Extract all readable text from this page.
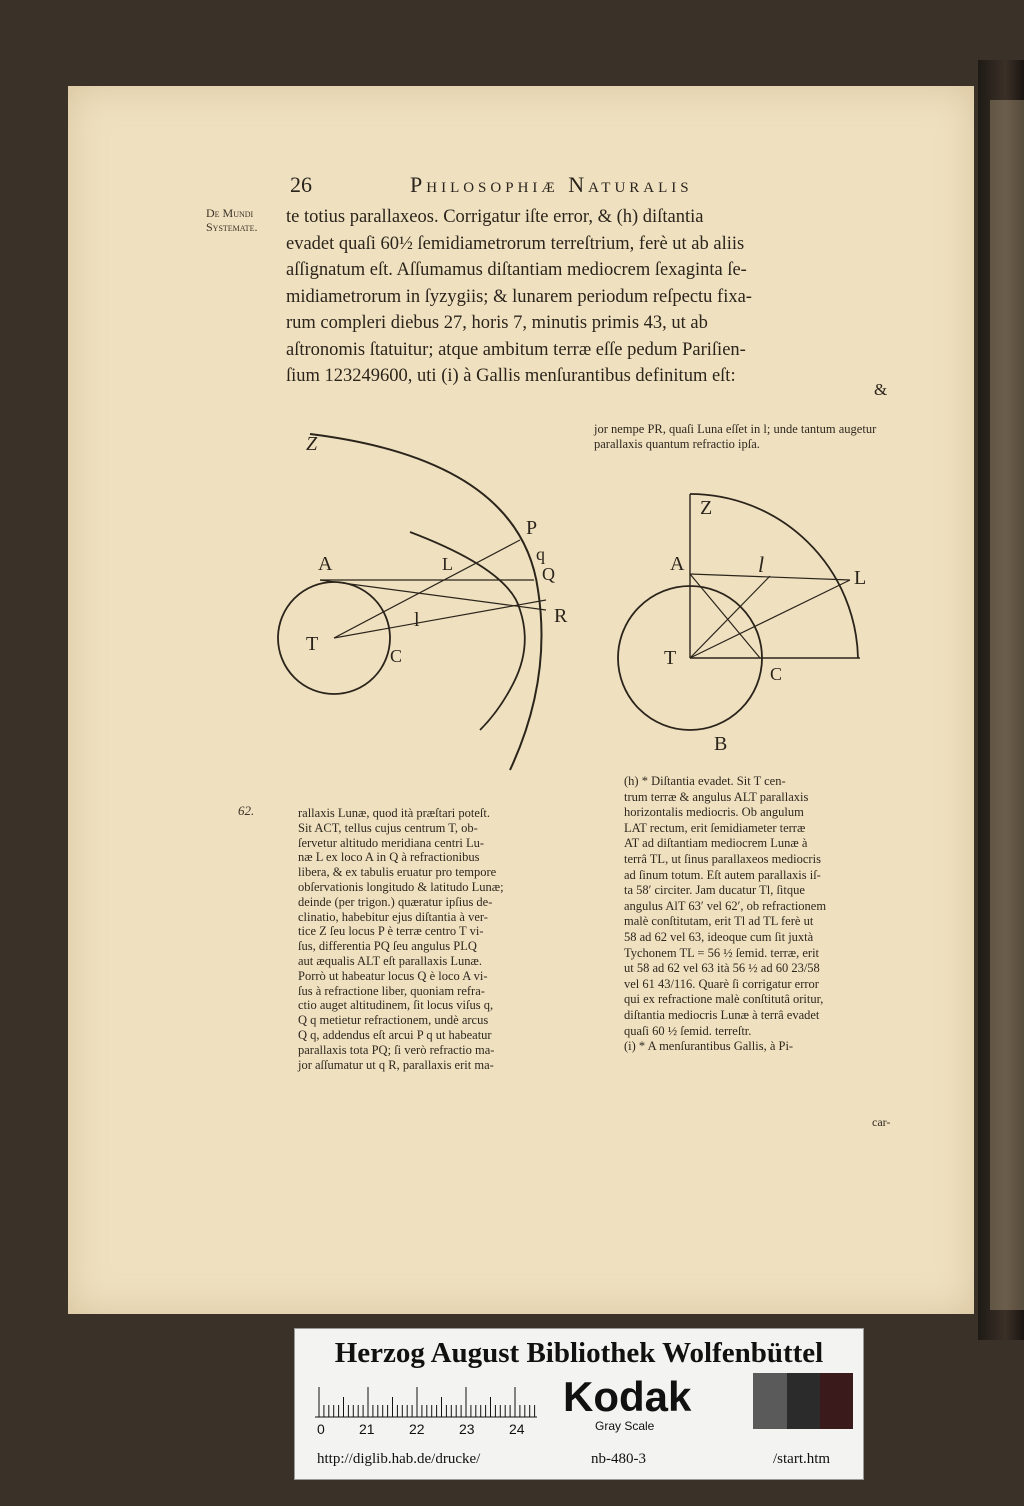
26	Philosophiæ Naturalis
De Mundi Systemate.	te totius parallaxeos. Corrigatur iſte error, & (h) diſtantia

evadet quaſi 60½ ſemidiametrorum terreſtrium, ferè ut ab aliis

aſſignatum eſt. Aſſumamus diſtantiam mediocrem ſexaginta ſe-

midiametrorum in ſyzygiis; & lunarem periodum reſpectu fixa-

rum compleri diebus 27, horis 7, minutis primis 43, ut ab

aſtronomis ſtatuitur; atque ambitum terræ eſſe pedum Pariſien-

ſium 123249600, uti (i) à Gallis menſurantibus definitum eſt:

&
jor nempe PR, quaſi Luna eſſet in l; unde tantum augetur parallaxis quantum refractio ipſa.
Z
P
q
Q
A	L
l	R
T
C
Z
A	l
L
T
C
B
62.	rallaxis Lunæ, quod ità præſtari poteſt.

Sit ACT, tellus cujus centrum T, ob-

ſervetur altitudo meridiana centri Lu-

næ L ex loco A in Q à refractionibus

libera, & ex tabulis eruatur pro tempore

obſervationis longitudo & latitudo Lunæ;

deinde (per trigon.) quæratur ipſius de-

clinatio, habebitur ejus diſtantia à ver-

tice Z ſeu locus P è terræ centro T vi-

ſus, differentia PQ ſeu angulus PLQ

aut æqualis ALT eſt parallaxis Lunæ.

Porrò ut habeatur locus Q è loco A vi-

ſus à refractione liber, quoniam refra-

ctio auget altitudinem, ſit locus viſus q,

Q q metietur refractionem, undè arcus

Q q, addendus eſt arcui P q ut habeatur

parallaxis tota PQ; ſi verò refractio ma-

jor aſſumatur ut q R, parallaxis erit ma-

(h) * Diſtantia evadet. Sit T cen-

trum terræ & angulus ALT parallaxis

horizontalis mediocris. Ob angulum

LAT rectum, erit ſemidiameter terræ

AT ad diſtantiam mediocrem Lunæ à

terrâ TL, ut ſinus parallaxeos mediocris

ad ſinum totum. Eſt autem parallaxis iſ-

ta 58′ circiter. Jam ducatur Tl, ſitque

angulus AlT 63′ vel 62′, ob refractionem

malè conſtitutam, erit Tl ad TL ferè ut

58 ad 62 vel 63, ideoque cum ſit juxtà

Tychonem TL = 56 ½ ſemid. terræ, erit

ut 58 ad 62 vel 63 ità 56 ½ ad 60 23/58

vel 61 43/116. Quarè ſi corrigatur error

qui ex refractione malè conſtitutâ oritur,

diſtantia mediocris Lunæ à terrâ evadet

quaſi 60 ½ ſemid. terreſtr.

(i) * A menſurantibus Gallis, à Pi-

car-
Herzog August Bibliothek Wolfenbüttel
0 21 22 23 24
Kodak
Gray Scale
http://diglib.hab.de/drucke/	nb-480-3	/start.htm
